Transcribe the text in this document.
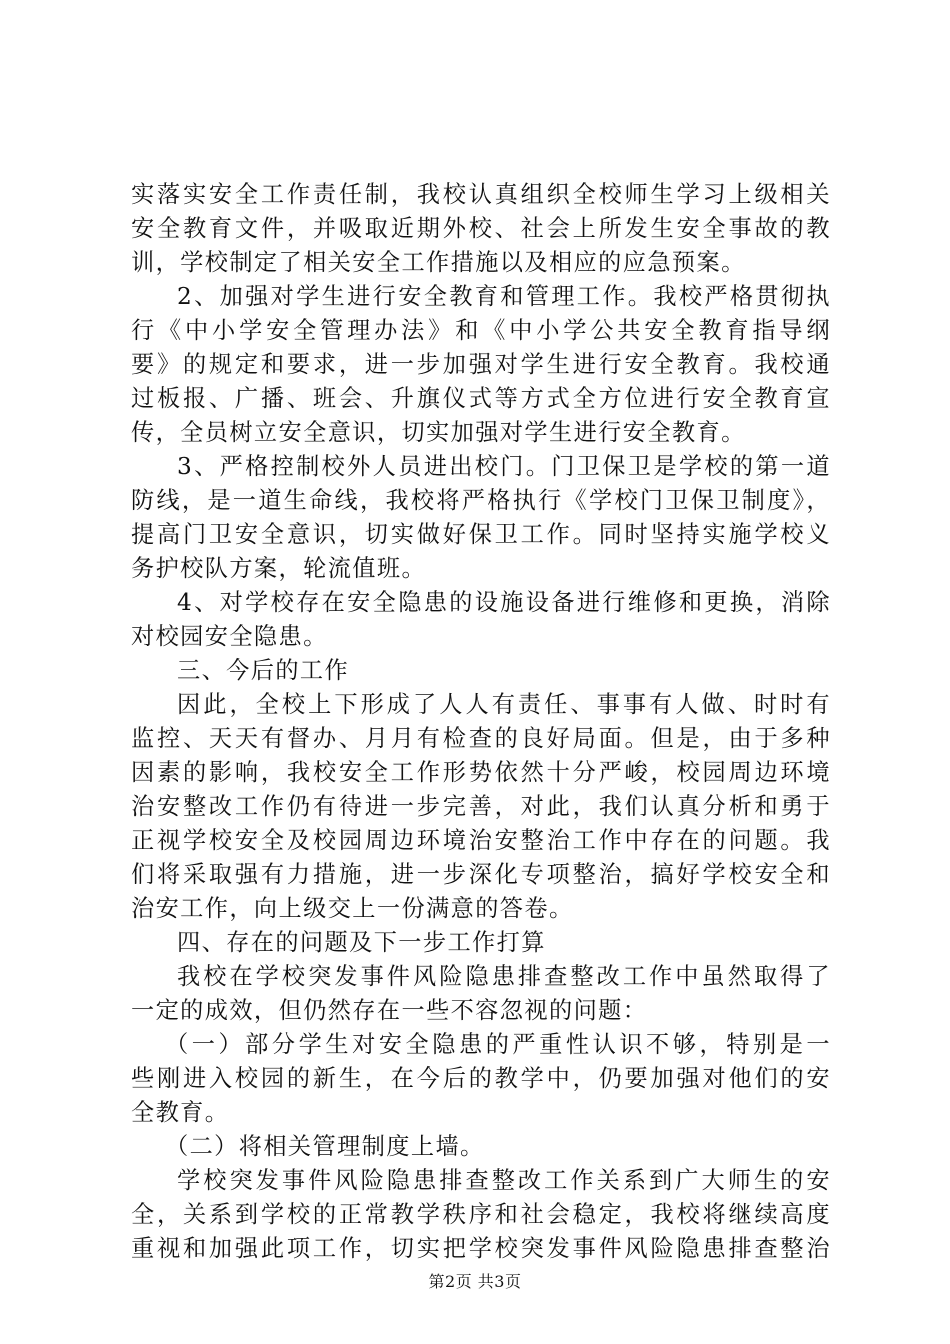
实落实安全工作责任制，我校认真组织全校师生学习上级相关
安全教育文件，并吸取近期外校、社会上所发生安全事故的教
训，学校制定了相关安全工作措施以及相应的应急预案。
2、加强对学生进行安全教育和管理工作。我校严格贯彻执
行《中小学安全管理办法》和《中小学公共安全教育指导纲
要》的规定和要求，进一步加强对学生进行安全教育。我校通
过板报、广播、班会、升旗仪式等方式全方位进行安全教育宣
传，全员树立安全意识，切实加强对学生进行安全教育。
3、严格控制校外人员进出校门。门卫保卫是学校的第一道
防线，是一道生命线，我校将严格执行《学校门卫保卫制度》，
提高门卫安全意识，切实做好保卫工作。同时坚持实施学校义
务护校队方案，轮流值班。
4、对学校存在安全隐患的设施设备进行维修和更换，消除
对校园安全隐患。
三、今后的工作
因此，全校上下形成了人人有责任、事事有人做、时时有
监控、天天有督办、月月有检查的良好局面。但是，由于多种
因素的影响，我校安全工作形势依然十分严峻，校园周边环境
治安整改工作仍有待进一步完善，对此，我们认真分析和勇于
正视学校安全及校园周边环境治安整治工作中存在的问题。我
们将采取强有力措施，进一步深化专项整治，搞好学校安全和
治安工作，向上级交上一份满意的答卷。
四、存在的问题及下一步工作打算
我校在学校突发事件风险隐患排查整改工作中虽然取得了
一定的成效，但仍然存在一些不容忽视的问题：
（一）部分学生对安全隐患的严重性认识不够，特别是一
些刚进入校园的新生，在今后的教学中，仍要加强对他们的安
全教育。
（二）将相关管理制度上墙。
学校突发事件风险隐患排查整改工作关系到广大师生的安
全，关系到学校的正常教学秩序和社会稳定，我校将继续高度
重视和加强此项工作，切实把学校突发事件风险隐患排查整治
第2页 共3页
